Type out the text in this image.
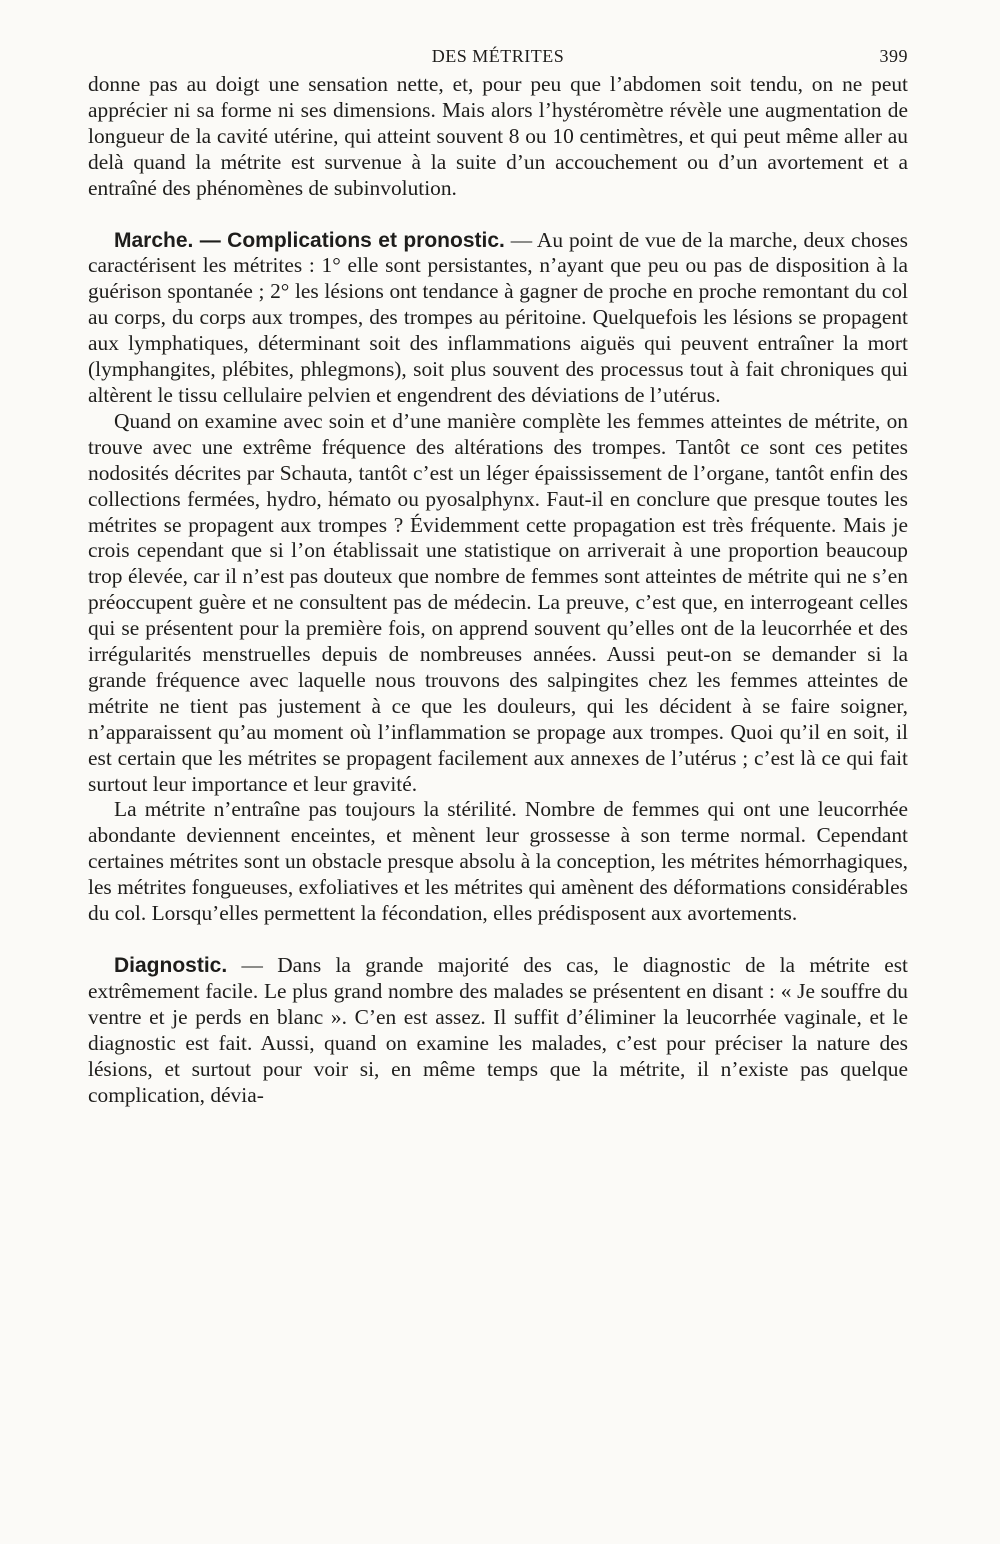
DES MÉTRITES	399

donne pas au doigt une sensation nette, et, pour peu que l’abdomen soit tendu, on ne peut apprécier ni sa forme ni ses dimensions. Mais alors l’hystéromètre révèle une augmentation de longueur de la cavité utérine, qui atteint souvent 8 ou 10 centimètres, et qui peut même aller au delà quand la métrite est survenue à la suite d’un accouchement ou d’un avortement et a entraîné des phénomènes de subinvolution.

Marche. — Complications et pronostic. — Au point de vue de la marche, deux choses caractérisent les métrites : 1° elle sont persistantes, n’ayant que peu ou pas de disposition à la guérison spontanée ; 2° les lésions ont tendance à gagner de proche en proche remontant du col au corps, du corps aux trompes, des trompes au péritoine. Quelquefois les lésions se propagent aux lymphatiques, déterminant soit des inflammations aiguës qui peuvent entraîner la mort (lymphangites, plébites, phlegmons), soit plus souvent des processus tout à fait chroniques qui altèrent le tissu cellulaire pelvien et engendrent des déviations de l’utérus.

Quand on examine avec soin et d’une manière complète les femmes atteintes de métrite, on trouve avec une extrême fréquence des altérations des trompes. Tantôt ce sont ces petites nodosités décrites par Schauta, tantôt c’est un léger épaississement de l’organe, tantôt enfin des collections fermées, hydro, hémato ou pyosalphynx. Faut-il en conclure que presque toutes les métrites se propagent aux trompes ? Évidemment cette propagation est très fréquente. Mais je crois cependant que si l’on établissait une statistique on arriverait à une proportion beaucoup trop élevée, car il n’est pas douteux que nombre de femmes sont atteintes de métrite qui ne s’en préoccupent guère et ne consultent pas de médecin. La preuve, c’est que, en interrogeant celles qui se présentent pour la première fois, on apprend souvent qu’elles ont de la leucorrhée et des irrégularités menstruelles depuis de nombreuses années. Aussi peut-on se demander si la grande fréquence avec laquelle nous trouvons des salpingites chez les femmes atteintes de métrite ne tient pas justement à ce que les douleurs, qui les décident à se faire soigner, n’apparaissent qu’au moment où l’inflammation se propage aux trompes. Quoi qu’il en soit, il est certain que les métrites se propagent facilement aux annexes de l’utérus ; c’est là ce qui fait surtout leur importance et leur gravité.

La métrite n’entraîne pas toujours la stérilité. Nombre de femmes qui ont une leucorrhée abondante deviennent enceintes, et mènent leur grossesse à son terme normal. Cependant certaines métrites sont un obstacle presque absolu à la conception, les métrites hémorrhagiques, les métrites fongueuses, exfoliatives et les métrites qui amènent des déformations considérables du col. Lorsqu’elles permettent la fécondation, elles prédisposent aux avortements.

Diagnostic. — Dans la grande majorité des cas, le diagnostic de la métrite est extrêmement facile. Le plus grand nombre des malades se présentent en disant : « Je souffre du ventre et je perds en blanc ». C’en est assez. Il suffit d’éliminer la leucorrhée vaginale, et le diagnostic est fait. Aussi, quand on examine les malades, c’est pour préciser la nature des lésions, et surtout pour voir si, en même temps que la métrite, il n’existe pas quelque complication, dévia-
